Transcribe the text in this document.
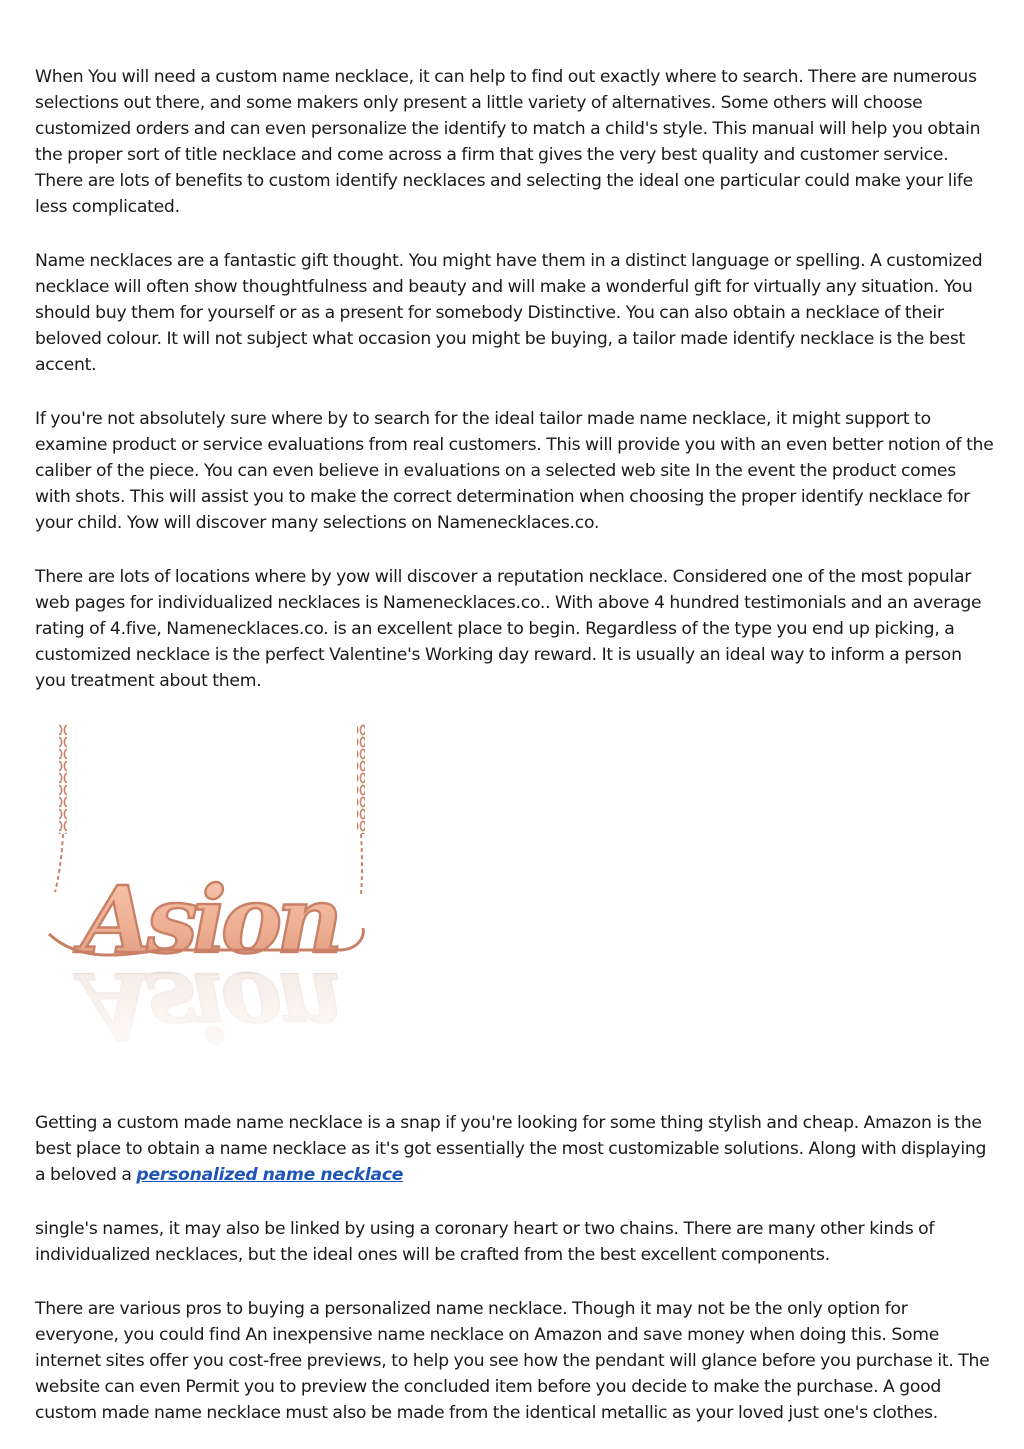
When You will need a custom name necklace, it can help to find out exactly where to search. There are numerous selections out there, and some makers only present a little variety of alternatives. Some others will choose customized orders and can even personalize the identify to match a child's style. This manual will help you obtain the proper sort of title necklace and come across a firm that gives the very best quality and customer service. There are lots of benefits to custom identify necklaces and selecting the ideal one particular could make your life less complicated.

Name necklaces are a fantastic gift thought. You might have them in a distinct language or spelling. A customized necklace will often show thoughtfulness and beauty and will make a wonderful gift for virtually any situation. You should buy them for yourself or as a present for somebody Distinctive. You can also obtain a necklace of their beloved colour. It will not subject what occasion you might be buying, a tailor made identify necklace is the best accent.

If you're not absolutely sure where by to search for the ideal tailor made name necklace, it might support to examine product or service evaluations from real customers. This will provide you with an even better notion of the caliber of the piece. You can even believe in evaluations on a selected web site In the event the product comes with shots. This will assist you to make the correct determination when choosing the proper identify necklace for your child. Yow will discover many selections on Namenecklaces.co.

There are lots of locations where by yow will discover a reputation necklace. Considered one of the most popular web pages for individualized necklaces is Namenecklaces.co.. With above 4 hundred testimonials and an average rating of 4.five, Namenecklaces.co. is an excellent place to begin. Regardless of the type you end up picking, a customized necklace is the perfect Valentine's Working day reward. It is usually an ideal way to inform a person you treatment about them.

Asion

Getting a custom made name necklace is a snap if you're looking for some thing stylish and cheap. Amazon is the best place to obtain a name necklace as it's got essentially the most customizable solutions. Along with displaying a beloved a personalized name necklace

single's names, it may also be linked by using a coronary heart or two chains. There are many other kinds of individualized necklaces, but the ideal ones will be crafted from the best excellent components.

There are various pros to buying a personalized name necklace. Though it may not be the only option for everyone, you could find An inexpensive name necklace on Amazon and save money when doing this. Some internet sites offer you cost-free previews, to help you see how the pendant will glance before you purchase it. The website can even Permit you to preview the concluded item before you decide to make the purchase. A good custom made name necklace must also be made from the identical metallic as your loved just one's clothes.
